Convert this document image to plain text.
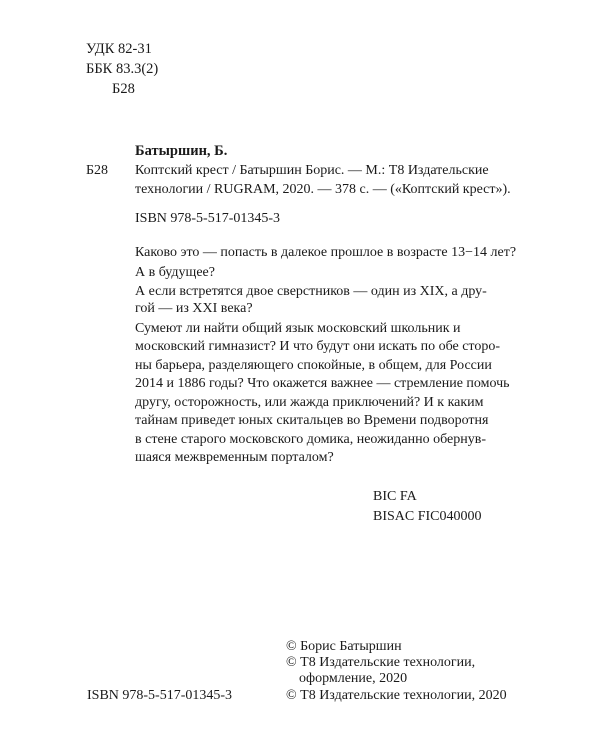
УДК 82-31
ББК 83.3(2)
Б28
Батыршин, Б.
Б28 Коптский крест / Батыршин Борис. — М.: Т8 Издательские
технологии / RUGRAM, 2020. — 378 с. — («Коптский крест»).
ISBN 978-5-517-01345-3
Каково это — попасть в далекое прошлое в возрасте 13−14 лет?
А в будущее?
А если встретятся двое сверстников — один из XIX, а дру-
гой — из XXI века?
Сумеют ли найти общий язык московский школьник и
московский гимназист? И что будут они искать по обе сторо-
ны барьера, разделяющего спокойные, в общем, для России
2014 и 1886 годы? Что окажется важнее — стремление помочь
другу, осторожность, или жажда приключений? И к каким
тайнам приведет юных скитальцев во Времени подворотня
в стене старого московского домика, неожиданно обернув-
шаяся межвременным порталом?
BIC FA
BISAC FIC040000
ISBN 978-5-517-01345-3
© Борис Батыршин
© Т8 Издательские технологии,
оформление, 2020
© Т8 Издательские технологии, 2020
